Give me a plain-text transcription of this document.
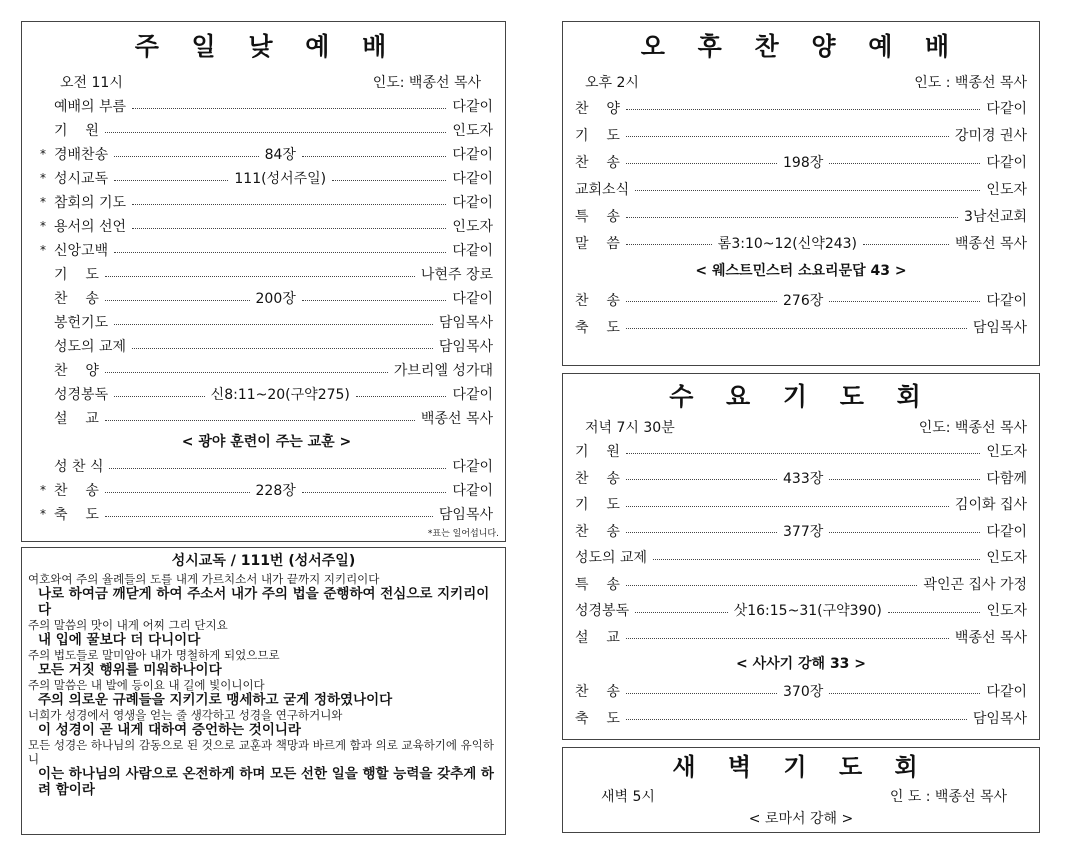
주 일 낮 예 배
오전 11시	인도: 백종선 목사
예배의 부름	다같이
기    원	인도자
* 경배찬송	84장	다같이
* 성시교독	111(성서주일)	다같이
* 참회의 기도	다같이
* 용서의 선언	인도자
* 신앙고백	다같이
기    도	나현주 장로
찬    송	200장	다같이
봉헌기도	담임목사
성도의 교제	담임목사
찬    양	가브리엘 성가대
성경봉독	신8:11~20(구약275)	다같이
설    교	백종선 목사
< 광야 훈련이 주는 교훈 >
성 찬 식	다같이
* 찬    송	228장	다같이
* 축    도	담임목사
*표는 일어섭니다.
성시교독 / 111번 (성서주일)
여호와여 주의 율례들의 도를 내게 가르치소서 내가 끝까지 지키리이다
나로 하여금 깨닫게 하여 주소서 내가 주의 법을 준행하여 전심으로 지키리이다
주의 말씀의 맛이 내게 어찌 그리 단지요
내 입에 꿀보다 더 다니이다
주의 법도들로 말미암아 내가 명철하게 되었으므로
모든 거짓 행위를 미워하나이다
주의 말씀은 내 발에 등이요 내 길에 빛이니이다
주의 의로운 규례들을 지키기로 맹세하고 굳게 정하였나이다
너희가 성경에서 영생을 얻는 줄 생각하고 성경을 연구하거니와
이 성경이 곧 내게 대하여 증언하는 것이니라
모든 성경은 하나님의 감동으로 된 것으로 교훈과 책망과 바르게 함과 의로 교육하기에 유익하니
이는 하나님의 사람으로 온전하게 하며 모든 선한 일을 행할 능력을 갖추게 하려 함이라
오 후 찬 양 예 배
오후 2시	인도 : 백종선 목사
찬    양	다같이
기    도	강미경 권사
찬    송	198장	다같이
교회소식	인도자
특    송	3남선교회
말    씀	롬3:10~12(신약243)	백종선 목사
< 웨스트민스터 소요리문답 43 >
찬    송	276장	다같이
축    도	담임목사
수 요 기 도 회
저녁 7시 30분	인도: 백종선 목사
기    원	인도자
찬    송	433장	다함께
기    도	김이화 집사
찬    송	377장	다같이
성도의 교제	인도자
특    송	곽인곤 집사 가정
성경봉독	삿16:15~31(구약390)	인도자
설    교	백종선 목사
< 사사기 강해 33 >
찬    송	370장	다같이
축    도	담임목사
새 벽 기 도 회
새벽 5시	인 도 : 백종선 목사
< 로마서 강해 >
